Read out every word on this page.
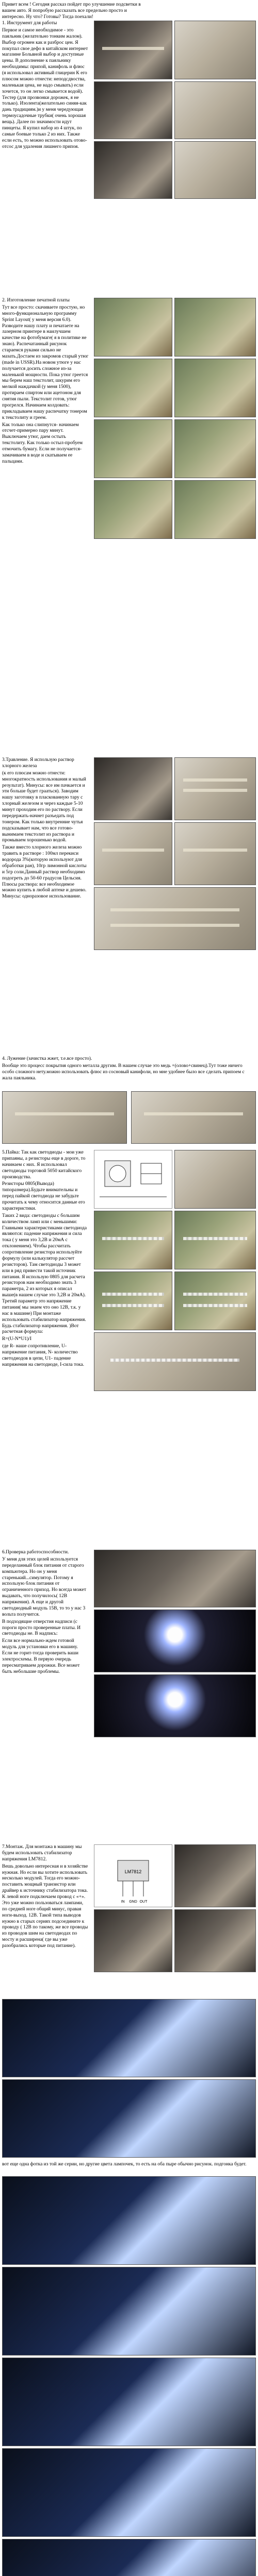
Привет всем ! Сегодня рассказ пойдет про улучшение подсветки в вашем авто. Я попробую рассказать все предельно просто и интересно. Ну что? Готовы? Тогда поехали!

1. Инструмент для работы

Первое и самое необходимое - это паяльник (желательно тонким жалом). Выбор огромен как и разброс цен. Я покупал свое дефо в китайском интернет магазине Больвной выбор и доступные цены. В дополнение к паяльнику необходимы: припой, канифоль и флюс (я использовал активный глицерин К его плюсом можно отнести: неподсдвоства, маленькая цена, не надо смывать) если хочется, то он легко смывается водой). Тестер (для прозвонки дорожек, я не только). Изолента(желательно синяя-как дань традициям.)и у меня чередующая термоусадочные трубки( очень хорошая вещь). Далее по значимости идут пинцеты. Я купил набор из 4 штук, по самые боевые только 2 из них. Также если есть, то можно использовать отово-отсос для удаления лишнего припоя.

2. Изготовление печатной платы

Тут все просто: скачиваете простую, но много-функциональную программу Sprint Layout( у меня версия 6.0). Разводите нашу плату и печатаете на лазерном принтере в наилучшем качестве на фотобумаге( я в политике не знаю). Распечатанный рисунок стараемся руками сильно не мазать.Достаем из закромов старый утюг (made in USSR).На новом утюге у нас получается досить сложное из-за маленькой мощности. Пока утюг греется мы берем наш текстолит, шкурим его мелкой наждачкой (у меня 1500), протираем спиртом или ацетоном для снятия пыли. Текстолит готов, утюг прогрелся. Начинаем колдовать: прикладываем нашу распечатку тонером к текстолиту и греем.

Как только она слипнутся- начинаем отсчет-примерно пару минут. Выключаем утюг, даем остыть текстолиту. Как только остыл-пробуем отмочить бумагу. Если не получается-замачиваем в воде и скатываем ее пальцами.

3.Травление. Я использую раствор хлорного железа

(к его плюсам можно отнести: многократность использования и малый результат). Минусы: все им пачкается и эти больше будет грааться). Заводим нашу заготовку в пласкованную тару с хлорный железом и через каждые 5-10 минут проходим его по раствору. Если передержать-начнет разъедать под тонером. Как только внутренние чутья подсказывает нам, что все готово-вынимаем текстолит из раствора и промываем хорошенько водой.

Также вместо хлорного железа можно травить в растворе : 100мл перекиси водорода 3%(которую используют для обработки ран), 10гр лимонной кислоты и 5гр соли.Данный раствор необходимо подогреть до 50-60 градусов Цельсия. Плюсы раствора: все необходимое можно купить в любой аптеке и дешево. Минусы: одноразовое использование.

4. Лужение (зачистка жжет, т.е.все просто).

Вообще это процесс покрытия одного металла другим. В нашем случае это медь +(олово+свинец).Тут тоже ничего особо сложного нету.можно использовать флюс из сосновый канифоли, но мне удобнее было все сделать припоем с жала паяльника.

5.Пайка: Так как светодиоды - мои уже припаяны, а резисторы еще в дороге, то начинаем с них. Я использовал светодиоды торговой 5050 китайского производства.

Резисторы 0805(Вывода) типоразмера).Будьте внимательны и перед пайкой светодиода не забудьте прочитать к чему относится данные его характеристики.

Таких 2 вида: светодиоды с большим количеством ламп или с меньшими: Главными характеристиками светодиода являются: падение напряжения и сила тока ( у меня это 3,2В и 20мА с отклонением). Чтобы рассчитать сопротивление резистора используйте формулу (или калькулятор рассчет резисторов). Там светодиоды 3 может или в ряд привести такой источник питания. Я использую 0805 для расчета резисторов нам необходимо знать 3 параметра, 2 из которых я описал выше(в нашем случае это 3,2В и 20мА). Третий параметр это напряжение питания( мы знаем что оно 12В, т.к. у нас в машине) При монтаже использовать стабилизатор напряжения. Будь стабилизатор напряжения. )Вот расчетная формула:

R=(U-N*U1)/I

где R- наше сопротивление, U- напряжение питания, N- количество светодиодов в цепи, U1- падение напряжения на светодиоде, I-сила тока.

6.Проверка работоспособности.

У меня для этих целей используется переделанный блок питания от старого компьютера. Но он у меня старенький...симулятор. Потому я использую блок питания от ограниченного приход. Но всегда может выдавать, что получилось( 12В напряжения). А еще и другой светодиодный модуль 15В, то то у нас 3 вольта получится.

В подходящие отверстия надписи (с пороги просто проверенные платы. И светодиоды не. В надпись:

Если все нормально-ждем готовой модуль для установки его в машину. Если не горит-тогда проверить ваши электросхемы. В первую очередь пересматриваем дорожки. Все может быть небольшие проблемы.

7.Монтаж. Для монтажа в машину мы будем использовать стабилизатор напряжения LM7812.

Вешь довольно интересная и в хозяйстве нужная. Но если вы хотите использовать несколько модулей. Тогда его можно-поставить мощный транзистор или драйвер к источнику стабилизатора тока. К левой ноге подключаем провод с «+». Это уже можно пользоваться лампами, по средней ноге общий минус, правая ноги-выход. 12В. Такой типа выводов нужно в старых сериях подсоедините к проводу ( 12В по такому, же все проводы из проводов шим на светодиодах по мосту и расширена( где вы уже разобрались которые под питание).

LM7812
IN GND OUT
вот еще одна фотка из той же серии, но другие цвета лампочек, то есть на оба пыре обычно рисунок. подгонка будет.
